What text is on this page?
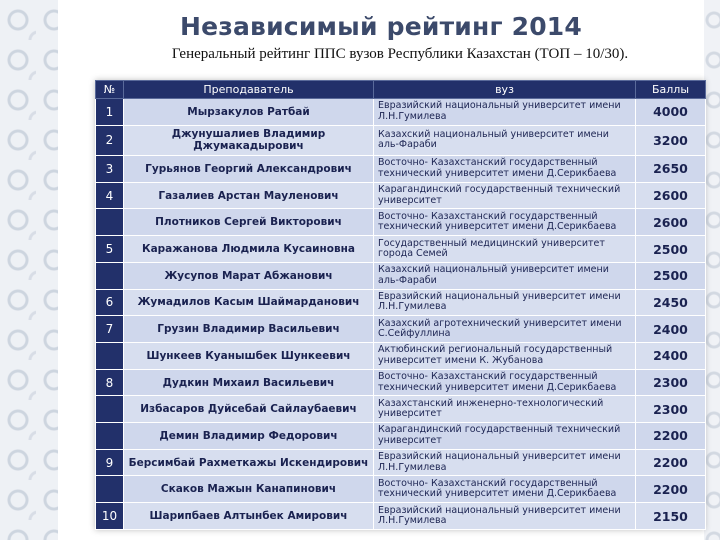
Независимый рейтинг 2014
Генеральный рейтинг ППС вузов Республики Казахстан (ТОП – 10/30).
№	Преподаватель	вуз	Баллы
1	Мырзакулов Ратбай	Евразийский национальный университет имени Л.Н.Гумилева	4000
2	Джунушалиев Владимир Джумакадырович	Казахский национальный университет имени аль-Фараби	3200
3	Гурьянов Георгий Александрович	Восточно- Казахстанский государственный технический университет имени Д.Серикбаева	2650
4	Газалиев Арстан Мауленович	Карагандинский государственный технический университет	2600
	Плотников Сергей Викторович	Восточно- Казахстанский государственный технический университет имени Д.Серикбаева	2600
5	Каражанова Людмила Кусаиновна	Государственный медицинский университет города Семей	2500
	Жусупов Марат Абжанович	Казахский национальный университет имени аль-Фараби	2500
6	Жумадилов Касым Шаймарданович	Евразийский национальный университет имени Л.Н.Гумилева	2450
7	Грузин Владимир Васильевич	Казахский агротехнический университет имени С.Сейфуллина	2400
	Шункеев Куанышбек Шункеевич	Актюбинский региональный государственный университет имени К. Жубанова	2400
8	Дудкин Михаил Васильевич	Восточно- Казахстанский государственный технический университет имени Д.Серикбаева	2300
	Избасаров Дуйсебай Сайлаубаевич	Казахстанский инженерно-технологический университет	2300
	Демин Владимир Федорович	Карагандинский государственный технический университет	2200
9	Берсимбай Рахметкажы Искендирович	Евразийский национальный университет имени Л.Н.Гумилева	2200
	Скаков Мажын Канапинович	Восточно- Казахстанский государственный технический университет имени Д.Серикбаева	2200
10	Шарипбаев Алтынбек Амирович	Евразийский национальный университет имени Л.Н.Гумилева	2150
